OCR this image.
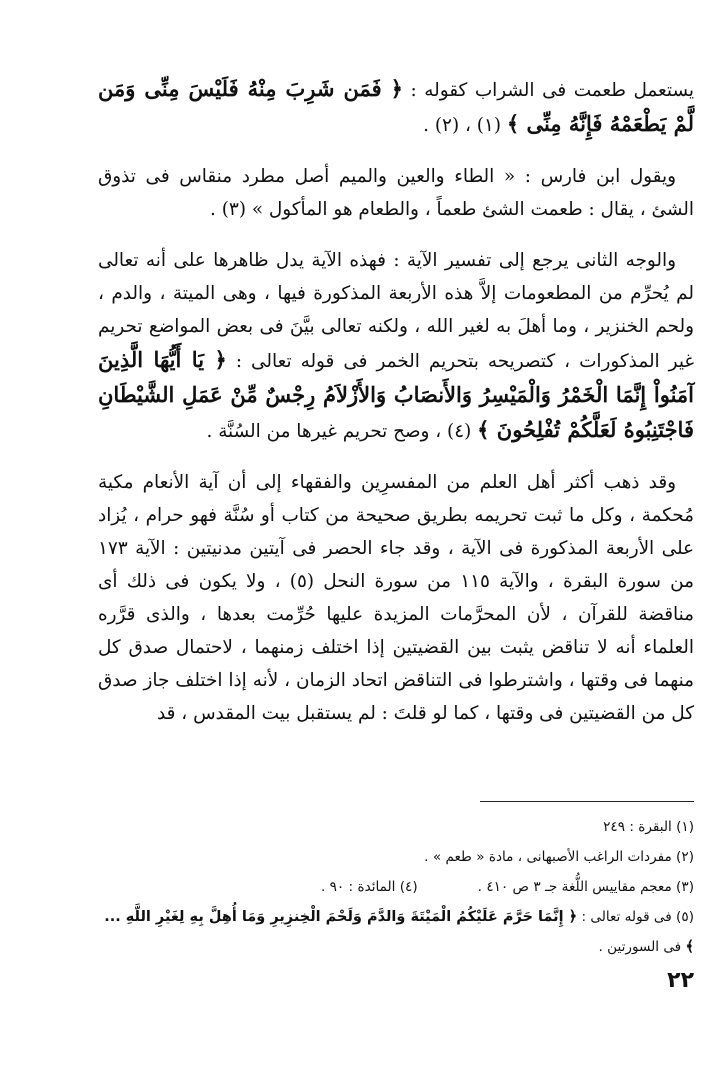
يستعمل طعمت فى الشراب كقوله : ﴿ فَمَن شَرِبَ مِنْهُ فَلَيْسَ مِنِّى وَمَن لَّمْ يَطْعَمْهُ فَإِنَّهُ مِنِّى ﴾ (١) ، (٢) .

ويقول ابن فارس : « الطاء والعين والميم أصل مطرد منقاس فى تذوق الشئ ، يقال : طعمت الشئ طعماً ، والطعام هو المأكول » (٣) .

والوجه الثانى يرجع إلى تفسير الآية : فهذه الآية يدل ظاهرها على أنه تعالى لم يُحرِّم من المطعومات إلاَّ هذه الأربعة المذكورة فيها ، وهى الميتة ، والدم ، ولحم الخنزير ، وما أهلَ به لغير الله ، ولكنه تعالى بيَّنَ فى بعض المواضع تحريم غير المذكورات ، كتصريحه بتحريم الخمر فى قوله تعالى : ﴿ يَا أَيُّهَا الَّذِينَ آمَنُواْ إِنَّمَا الْخَمْرُ وَالْمَيْسِرُ وَالأَنصَابُ وَالأَزْلاَمُ رِجْسٌ مِّنْ عَمَلِ الشَّيْطَانِ فَاجْتَنِبُوهُ لَعَلَّكُمْ تُفْلِحُونَ ﴾ (٤) ، وصح تحريم غيرها من السُنَّة .

وقد ذهب أكثر أهل العلم من المفسرِين والفقهاء إلى أن آية الأنعام مكية مُحكمة ، وكل ما ثبت تحريمه بطريق صحيحة من كتاب أو سُنَّة فهو حرام ، يُزاد على الأربعة المذكورة فى الآية ، وقد جاء الحصر فى آيتين مدنيتين : الآية ١٧٣ من سورة البقرة ، والآية ١١٥ من سورة النحل (٥) ، ولا يكون فى ذلك أى مناقضة للقرآن ، لأن المحرَّمات المزيدة عليها حُرِّمت بعدها ، والذى قرَّره العلماء أنه لا تناقض يثبت بين القضيتين إذا اختلف زمنهما ، لاحتمال صدق كل منهما فى وقتها ، واشترطوا فى التناقض اتحاد الزمان ، لأنه إذا اختلف جاز صدق كل من القضيتين فى وقتها ، كما لو قلتَ : لم يستقبل بيت المقدس ، قد

(١) البقرة : ٢٤٩
(٢) مفردات الراغب الأصبهانى ، مادة « طعم » .
(٣) معجم مقاييس اللُّغة جـ ٣ ص ٤١٠ .
(٤) المائدة : ٩٠ .
(٥) فى قوله تعالى : ﴿ إِنَّمَا حَرَّمَ عَلَيْكُمُ الْمَيْتَةَ وَالدَّمَ وَلَحْمَ الْخِنزِيرِ وَمَا أُهِلَّ بِهِ لِغَيْرِ اللَّهِ ... ﴾ فى السورتين .
٢٢
